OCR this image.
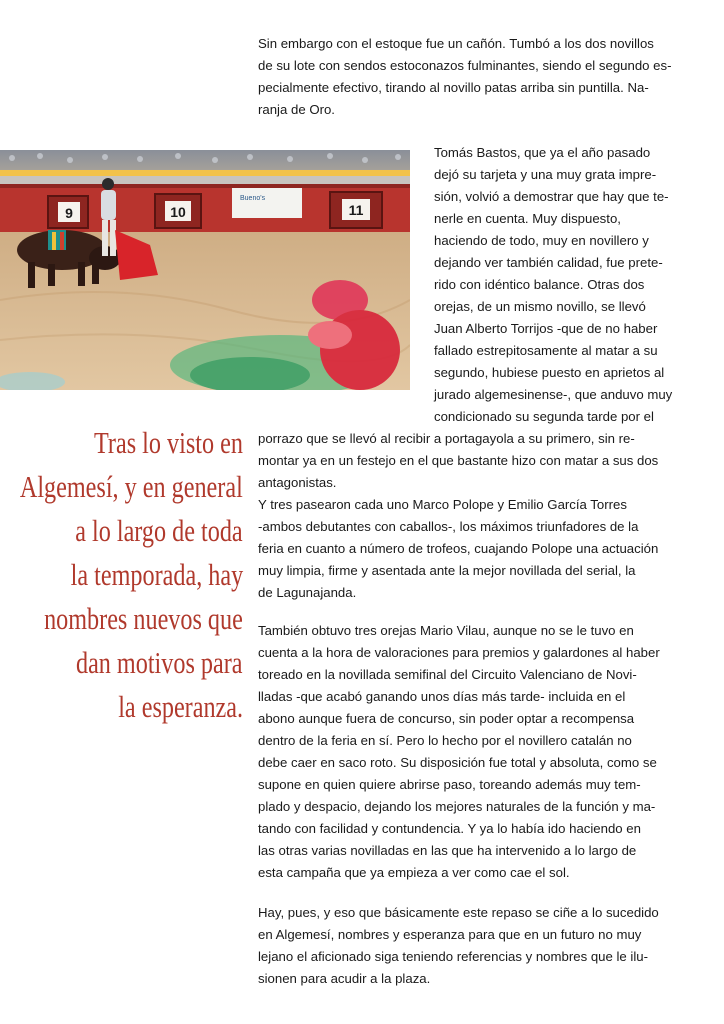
Bueno's
9	10	11
Sin embargo con el estoque fue un cañón. Tumbó a los dos novillos
de su lote con sendos estoconazos fulminantes, siendo el segundo es-
pecialmente efectivo, tirando al novillo patas arriba sin puntilla. Na-
ranja de Oro.
Tomás Bastos, que ya el año pasado
dejó su tarjeta y una muy grata impre-
sión, volvió a demostrar que hay que te-
nerle en cuenta. Muy dispuesto,
haciendo de todo, muy en novillero y
dejando ver también calidad, fue prete-
rido con idéntico balance. Otras dos
orejas, de un mismo novillo, se llevó
Juan Alberto Torrijos -que de no haber
fallado estrepitosamente al matar a su
segundo, hubiese puesto en aprietos al
jurado algemesinense-, que anduvo muy
condicionado su segunda tarde por el
porrazo que se llevó al recibir a portagayola a su primero, sin re-
montar ya en un festejo en el que bastante hizo con matar a sus dos
antagonistas.
Y tres pasearon cada uno Marco Polope y Emilio García Torres
-ambos debutantes con caballos-, los máximos triunfadores de la
feria en cuanto a número de trofeos, cuajando Polope una actuación
muy limpia, firme y asentada ante la mejor novillada del serial, la
de Lagunajanda.
También obtuvo tres orejas Mario Vilau, aunque no se le tuvo en
cuenta a la hora de valoraciones para premios y galardones al haber
toreado en la novillada semifinal del Circuito Valenciano de Novi-
lladas -que acabó ganando unos días más tarde- incluida en el
abono aunque fuera de concurso, sin poder optar a recompensa
dentro de la feria en sí. Pero lo hecho por el novillero catalán no
debe caer en saco roto. Su disposición fue total y absoluta, como se
supone en quien quiere abrirse paso, toreando además muy tem-
plado y despacio, dejando los mejores naturales de la función y ma-
tando con facilidad y contundencia. Y ya lo había ido haciendo en
las otras varias novilladas en las que ha intervenido a lo largo de
esta campaña que ya empieza a ver como cae el sol.
Hay, pues, y eso que básicamente este repaso se ciñe a lo sucedido
en Algemesí, nombres y esperanza para que en un futuro no muy
lejano el aficionado siga teniendo referencias y nombres que le ilu-
sionen para acudir a la plaza.
Tras lo visto en
Algemesí, y en general
a lo largo de toda
la temporada, hay
nombres nuevos que
dan motivos para
la esperanza.
